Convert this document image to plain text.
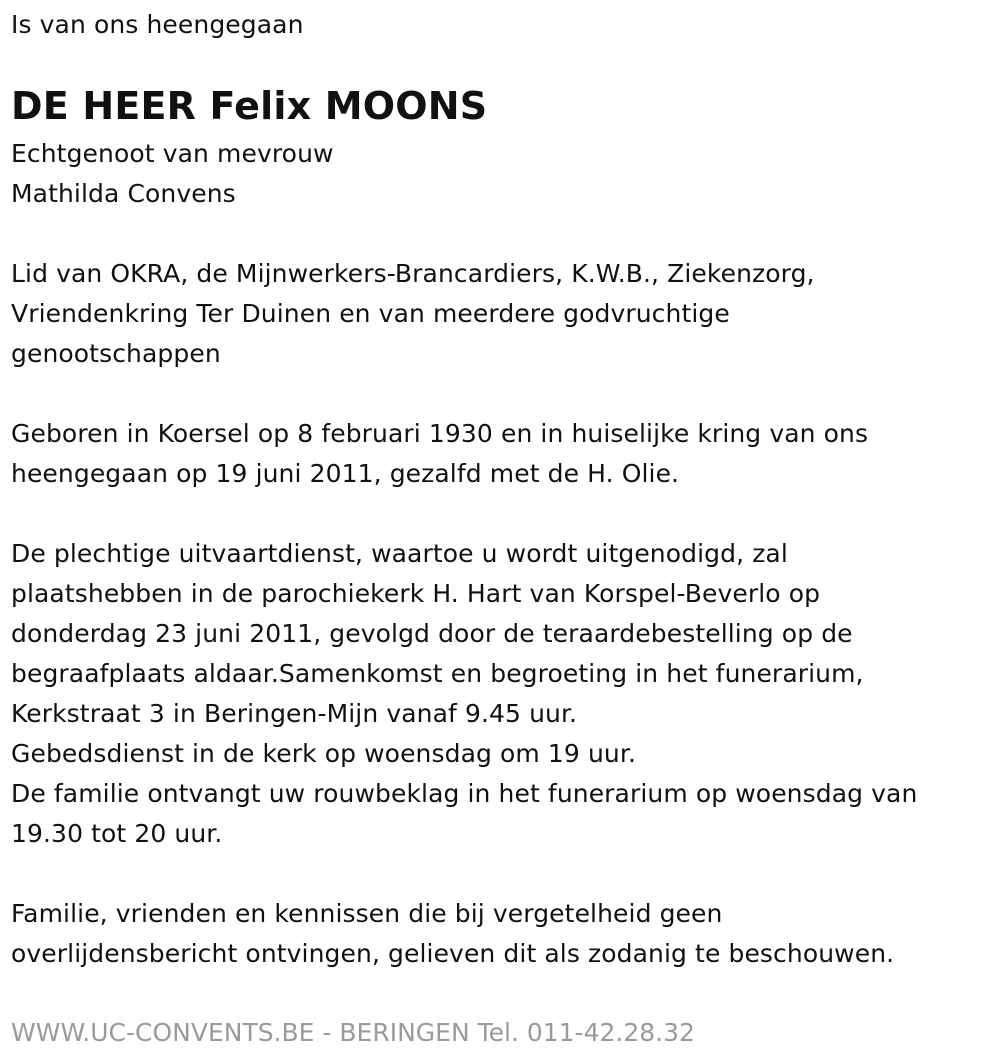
Is van ons heengegaan
DE HEER Felix MOONS
Echtgenoot van mevrouw
Mathilda Convens
Lid van OKRA, de Mijnwerkers-Brancardiers, K.W.B., Ziekenzorg,
Vriendenkring Ter Duinen en van meerdere godvruchtige
genootschappen
Geboren in Koersel op 8 februari 1930 en in huiselijke kring van ons
heengegaan op 19 juni 2011, gezalfd met de H. Olie.
De plechtige uitvaartdienst, waartoe u wordt uitgenodigd, zal
plaatshebben in de parochiekerk H. Hart van Korspel-Beverlo op
donderdag 23 juni 2011, gevolgd door de teraardebestelling op de
begraafplaats aldaar.Samenkomst en begroeting in het funerarium,
Kerkstraat 3 in Beringen-Mijn vanaf 9.45 uur.
Gebedsdienst in de kerk op woensdag om 19 uur.
De familie ontvangt uw rouwbeklag in het funerarium op woensdag van
19.30 tot 20 uur.
Familie, vrienden en kennissen die bij vergetelheid geen
overlijdensbericht ontvingen, gelieven dit als zodanig te beschouwen.
WWW.UC-CONVENTS.BE - BERINGEN Tel. 011-42.28.32
